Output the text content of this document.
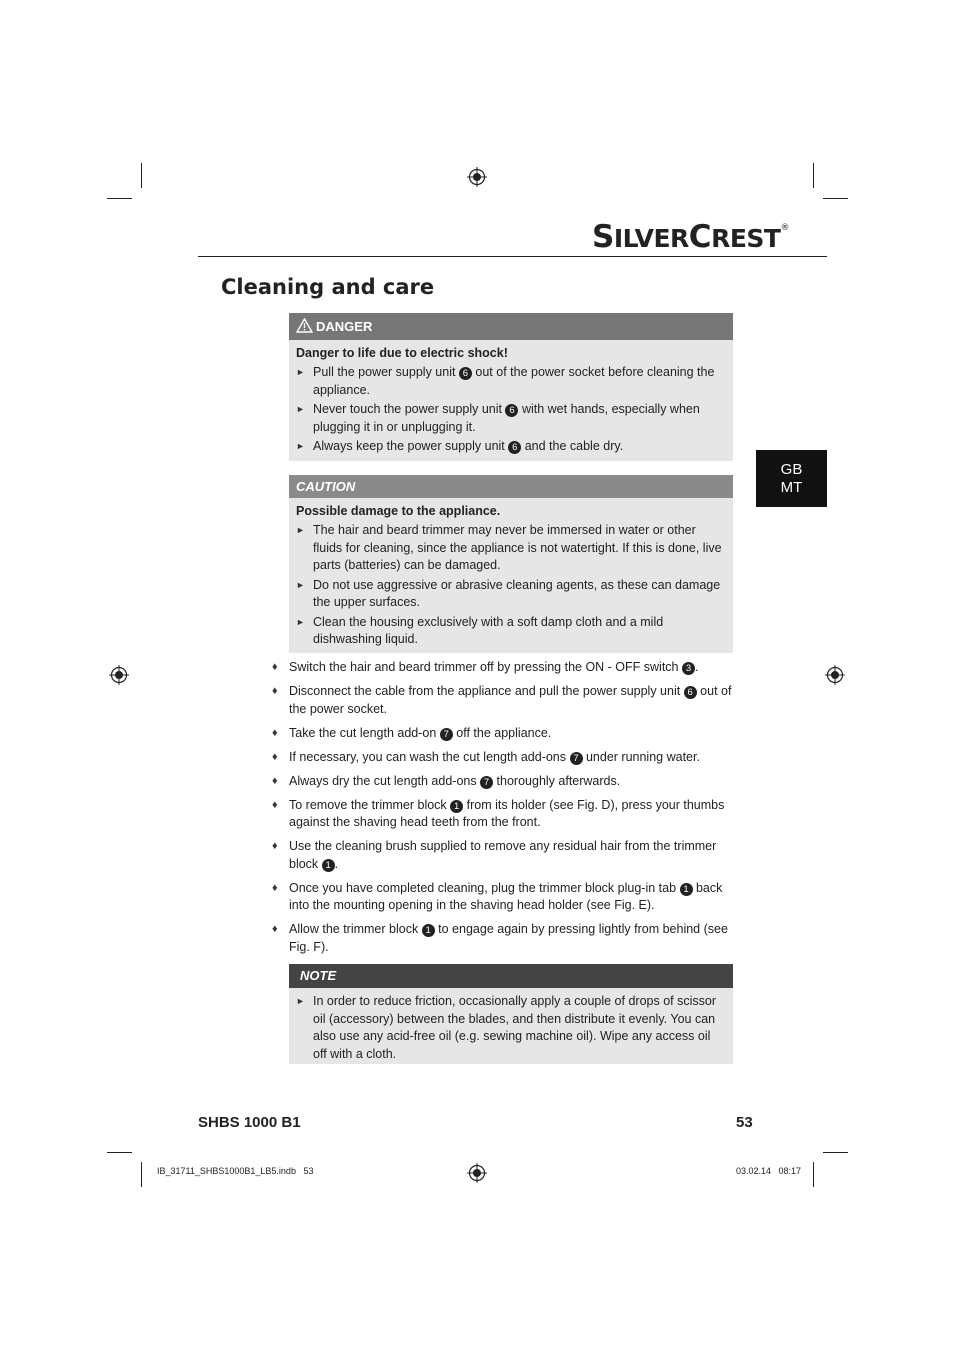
SILVERCREST®
Cleaning and care
GB
MT
DANGER
Danger to life due to electric shock!
► Pull the power supply unit 6 out of the power socket before cleaning the appliance.
► Never touch the power supply unit 6 with wet hands, especially when plugging it in or unplugging it.
► Always keep the power supply unit 6 and the cable dry.
CAUTION
Possible damage to the appliance.
► The hair and beard trimmer may never be immersed in water or other fluids for cleaning, since the appliance is not watertight. If this is done, live parts (batteries) can be damaged.
► Do not use aggressive or abrasive cleaning agents, as these can damage the upper surfaces.
► Clean the housing exclusively with a soft damp cloth and a mild dishwashing liquid.
♦ Switch the hair and beard trimmer off by pressing the ON - OFF switch 3 .
♦ Disconnect the cable from the appliance and pull the power supply unit 6 out of the power socket.
♦ Take the cut length add-on 7 off the appliance.
♦ If necessary, you can wash the cut length add-ons 7 under running water.
♦ Always dry the cut length add-ons 7 thoroughly afterwards.
♦ To remove the trimmer block 1 from its holder (see Fig. D), press your thumbs against the shaving head teeth from the front.
♦ Use the cleaning brush supplied to remove any residual hair from the trimmer block 1 .
♦ Once you have completed cleaning, plug the trimmer block plug-in tab 1 back into the mounting opening in the shaving head holder (see Fig. E).
♦ Allow the trimmer block 1 to engage again by pressing lightly from behind (see Fig. F).
NOTE
► In order to reduce friction, occasionally apply a couple of drops of scissor oil (accessory) between the blades, and then distribute it evenly. You can also use any acid-free oil (e.g. sewing machine oil). Wipe any access oil off with a cloth.
SHBS 1000 B1	53
IB_31711_SHBS1000B1_LB5.indb   53	03.02.14   08:17
